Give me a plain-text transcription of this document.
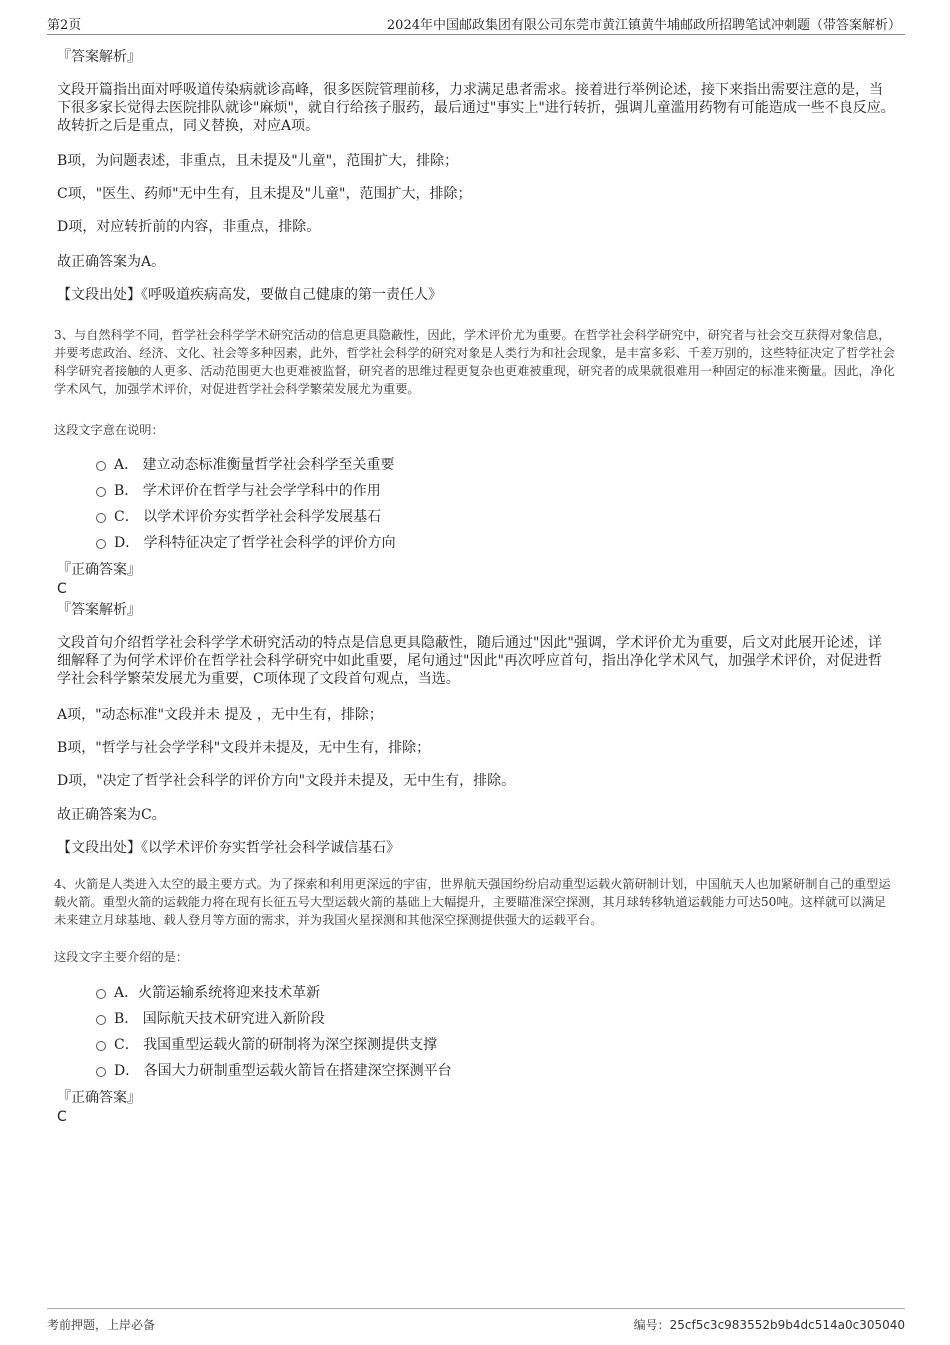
第2页	2024年中国邮政集团有限公司东莞市黄江镇黄牛埔邮政所招聘笔试冲刺题（带答案解析）
『答案解析』
文段开篇指出面对呼吸道传染病就诊高峰，很多医院管理前移，力求满足患者需求。接着进行举例论述，接下来指出需要注意的是，当下很多家长觉得去医院排队就诊"麻烦"，就自行给孩子服药，最后通过"事实上"进行转折，强调儿童滥用药物有可能造成一些不良反应。故转折之后是重点，同义替换，对应A项。
B项，为问题表述，非重点，且未提及"儿童"，范围扩大，排除；
C项，"医生、药师"无中生有，且未提及"儿童"，范围扩大，排除；
D项，对应转折前的内容，非重点，排除。
故正确答案为A。
【文段出处】《呼吸道疾病高发，要做自己健康的第一责任人》
3、与自然科学不同，哲学社会科学学术研究活动的信息更具隐蔽性，因此，学术评价尤为重要。在哲学社会科学研究中，研究者与社会交互获得对象信息，并要考虑政治、经济、文化、社会等多种因素，此外，哲学社会科学的研究对象是人类行为和社会现象，是丰富多彩、千差万别的，这些特征决定了哲学社会科学研究者接触的人更多、活动范围更大也更难被监督，研究者的思维过程更复杂也更难被重现，研究者的成果就很难用一种固定的标准来衡量。因此，净化学术风气，加强学术评价，对促进哲学社会科学繁荣发展尤为重要。
这段文字意在说明：
A． 建立动态标准衡量哲学社会科学至关重要
B． 学术评价在哲学与社会学学科中的作用
C． 以学术评价夯实哲学社会科学发展基石
D． 学科特征决定了哲学社会科学的评价方向
『正确答案』
C
『答案解析』
文段首句介绍哲学社会科学学术研究活动的特点是信息更具隐蔽性，随后通过"因此"强调，学术评价尤为重要，后文对此展开论述，详细解释了为何学术评价在哲学社会科学研究中如此重要，尾句通过"因此"再次呼应首句，指出净化学术风气，加强学术评价，对促进哲学社会科学繁荣发展尤为重要，C项体现了文段首句观点，当选。
A项，"动态标准"文段并未 提及 ，无中生有，排除；
B项，"哲学与社会学学科"文段并未提及，无中生有，排除；
D项，"决定了哲学社会科学的评价方向"文段并未提及，无中生有，排除。
故正确答案为C。
【文段出处】《以学术评价夯实哲学社会科学诚信基石》
4、火箭是人类进入太空的最主要方式。为了探索和利用更深远的宇宙，世界航天强国纷纷启动重型运载火箭研制计划，中国航天人也加紧研制自己的重型运载火箭。重型火箭的运载能力将在现有长征五号大型运载火箭的基础上大幅提升，主要瞄准深空探测，其月球转移轨道运载能力可达50吨。这样就可以满足未来建立月球基地、载人登月等方面的需求，并为我国火星探测和其他深空探测提供强大的运载平台。
这段文字主要介绍的是：
A．火箭运输系统将迎来技术革新
B． 国际航天技术研究进入新阶段
C． 我国重型运载火箭的研制将为深空探测提供支撑
D． 各国大力研制重型运载火箭旨在搭建深空探测平台
『正确答案』
C
考前押题，上岸必备	编号：25cf5c3c983552b9b4dc514a0c305040
